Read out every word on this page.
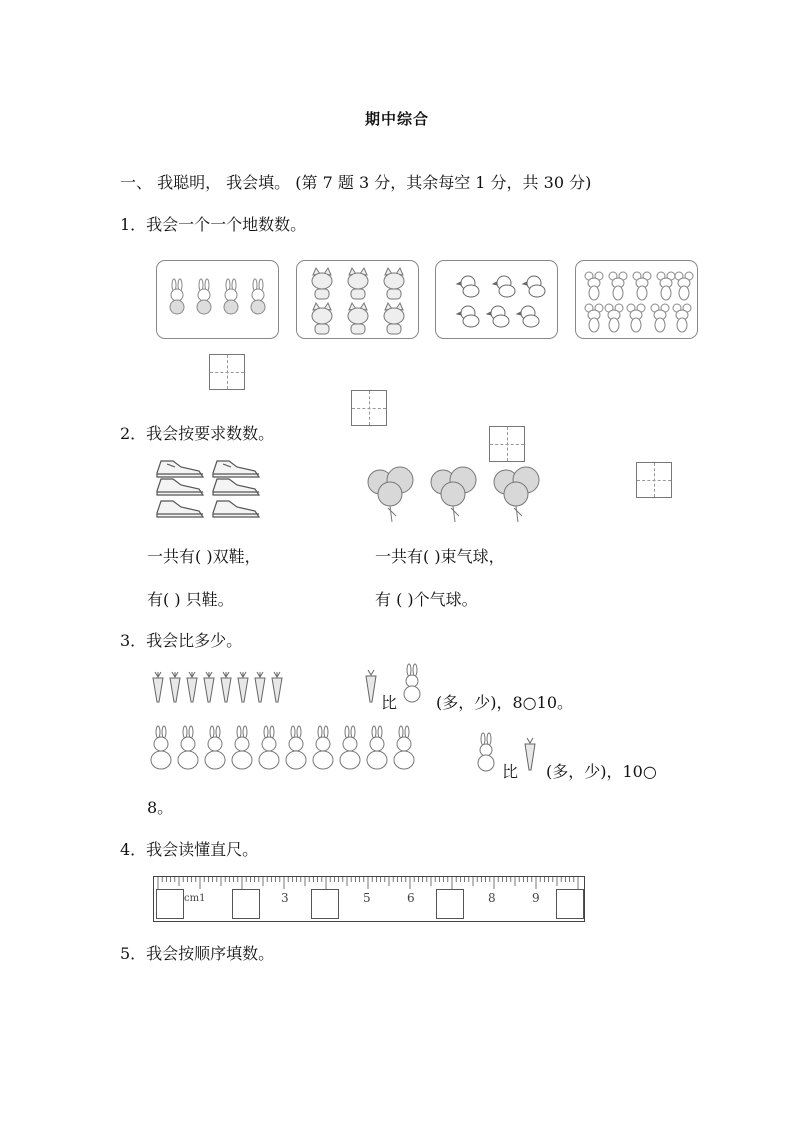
期中综合
一、 我聪明， 我会填。 (第 7 题 3 分，其余每空 1 分，共 30 分)
1．我会一个一个地数数。
2．我会按要求数数。
一共有( )双鞋，
有( ) 只鞋。
一共有( )束气球，
有 ( )个气球。
3．我会比多少。
比 (多，少)，8○10。
比 (多，少)，10○
8。
4．我会读懂直尺。
cm1	3	5	6	8	9
5．我会按顺序填数。
